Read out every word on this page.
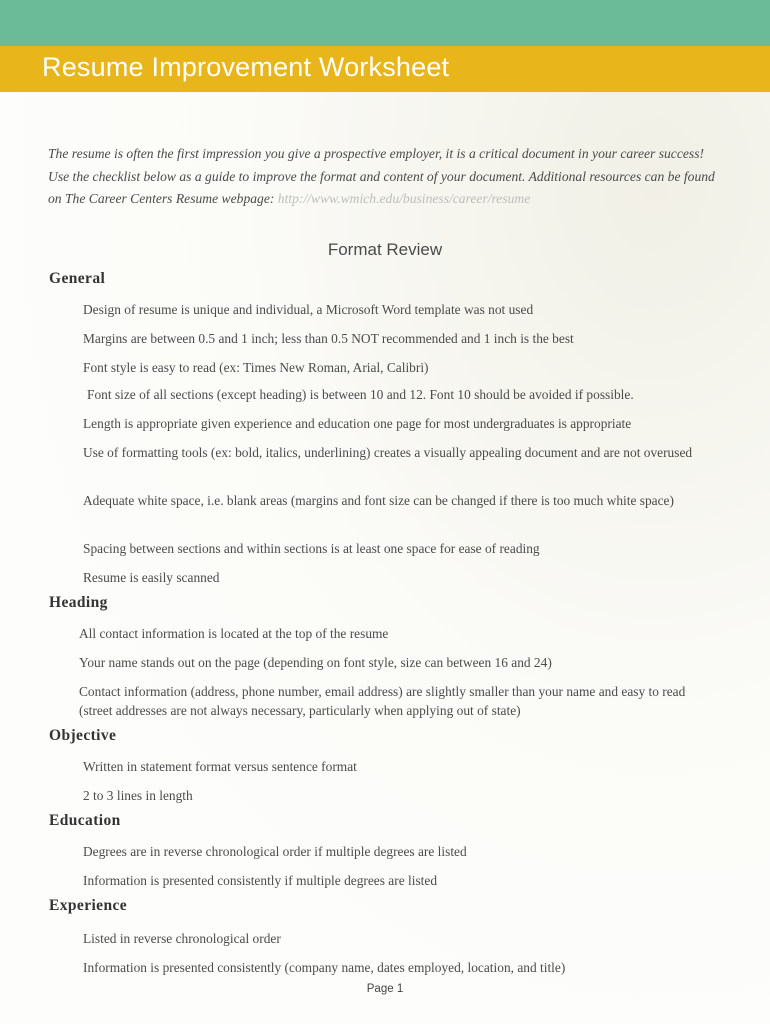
Resume Improvement Worksheet
The resume is often the first impression you give a prospective employer, it is a critical document in your career success! Use the checklist below as a guide to improve the format and content of your document. Additional resources can be found on The Career Centers Resume webpage: http://www.wmich.edu/business/career/resume
Format Review
General
Design of resume is unique and individual, a Microsoft Word template was not used
Margins are between 0.5 and 1 inch; less than 0.5 NOT recommended and 1 inch is the best
Font style is easy to read (ex: Times New Roman, Arial, Calibri)
Font size of all sections (except heading) is between 10 and 12. Font 10 should be avoided if possible.
Length is appropriate given experience and education one page for most undergraduates is appropriate
Use of formatting tools (ex: bold, italics, underlining) creates a visually appealing document and are not overused
Adequate white space, i.e. blank areas (margins and font size can be changed if there is too much white space)
Spacing between sections and within sections is at least one space for ease of reading
Resume is easily scanned
Heading
All contact information is located at the top of the resume
Your name stands out on the page (depending on font style, size can between 16 and 24)
Contact information (address, phone number, email address) are slightly smaller than your name and easy to read (street addresses are not always necessary, particularly when applying out of state)
Objective
Written in statement format versus sentence format
2 to 3 lines in length
Education
Degrees are in reverse chronological order if multiple degrees are listed
Information is presented consistently if multiple degrees are listed
Experience
Listed in reverse chronological order
Information is presented consistently (company name, dates employed, location, and title)
Page 1
